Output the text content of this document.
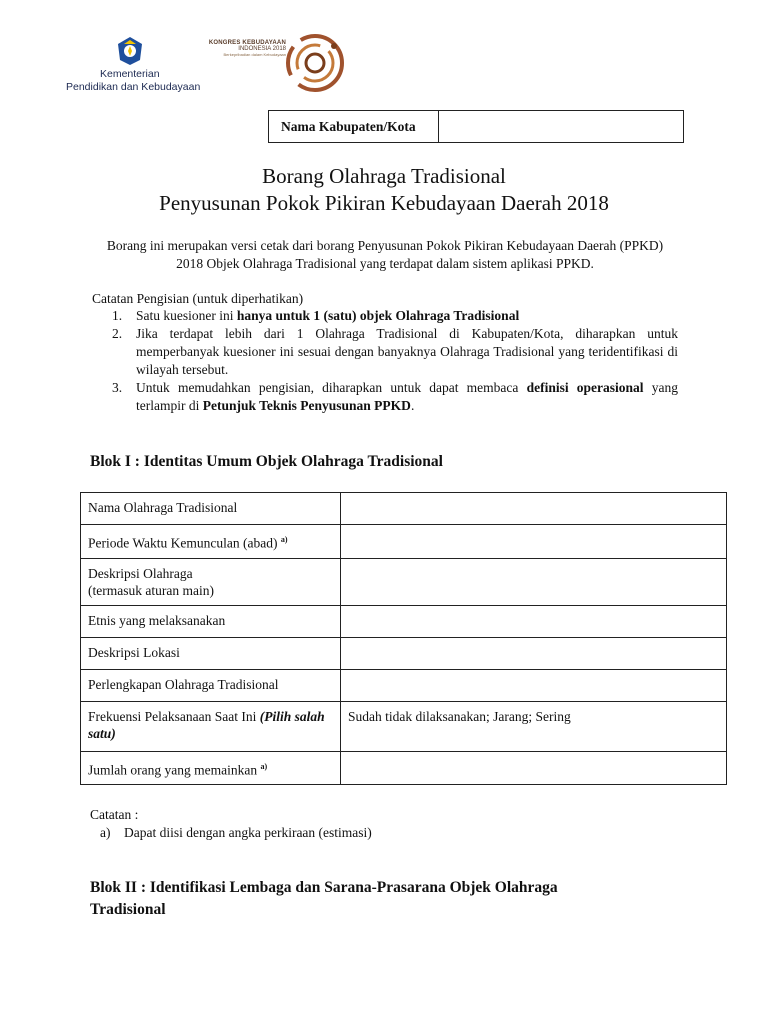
Kementerian
Pendidikan dan Kebudayaan
KONGRES KEBUDAYAAN
INDONESIA 2018
Berkepribadian dalam Kebudayaan
Nama Kabupaten/Kota
Borang Olahraga Tradisional
Penyusunan Pokok Pikiran Kebudayaan Daerah 2018
Borang ini merupakan versi cetak dari borang Penyusunan Pokok Pikiran Kebudayaan Daerah (PPKD) 2018 Objek Olahraga Tradisional yang terdapat dalam sistem aplikasi PPKD.
Catatan Pengisian (untuk diperhatikan)
1. Satu kuesioner ini hanya untuk 1 (satu) objek Olahraga Tradisional
2. Jika terdapat lebih dari 1 Olahraga Tradisional di Kabupaten/Kota, diharapkan untuk memperbanyak kuesioner ini sesuai dengan banyaknya Olahraga Tradisional yang teridentifikasi di wilayah tersebut.
3. Untuk memudahkan pengisian, diharapkan untuk dapat membaca definisi operasional yang terlampir di Petunjuk Teknis Penyusunan PPKD.
Blok I : Identitas Umum Objek Olahraga Tradisional
Nama Olahraga Tradisional	
Periode Waktu Kemunculan (abad) $^{a)}$	
Deskripsi Olahraga
(termasuk aturan main)	
Etnis yang melaksanakan	
Deskripsi Lokasi	
Perlengkapan Olahraga Tradisional	
Frekuensi Pelaksanaan Saat Ini (Pilih salah satu)	Sudah tidak dilaksanakan; Jarang; Sering
Jumlah orang yang memainkan $^{a)}$	
Catatan :
a) Dapat diisi dengan angka perkiraan (estimasi)
Blok II : Identifikasi Lembaga dan Sarana-Prasarana Objek Olahraga
Tradisional
